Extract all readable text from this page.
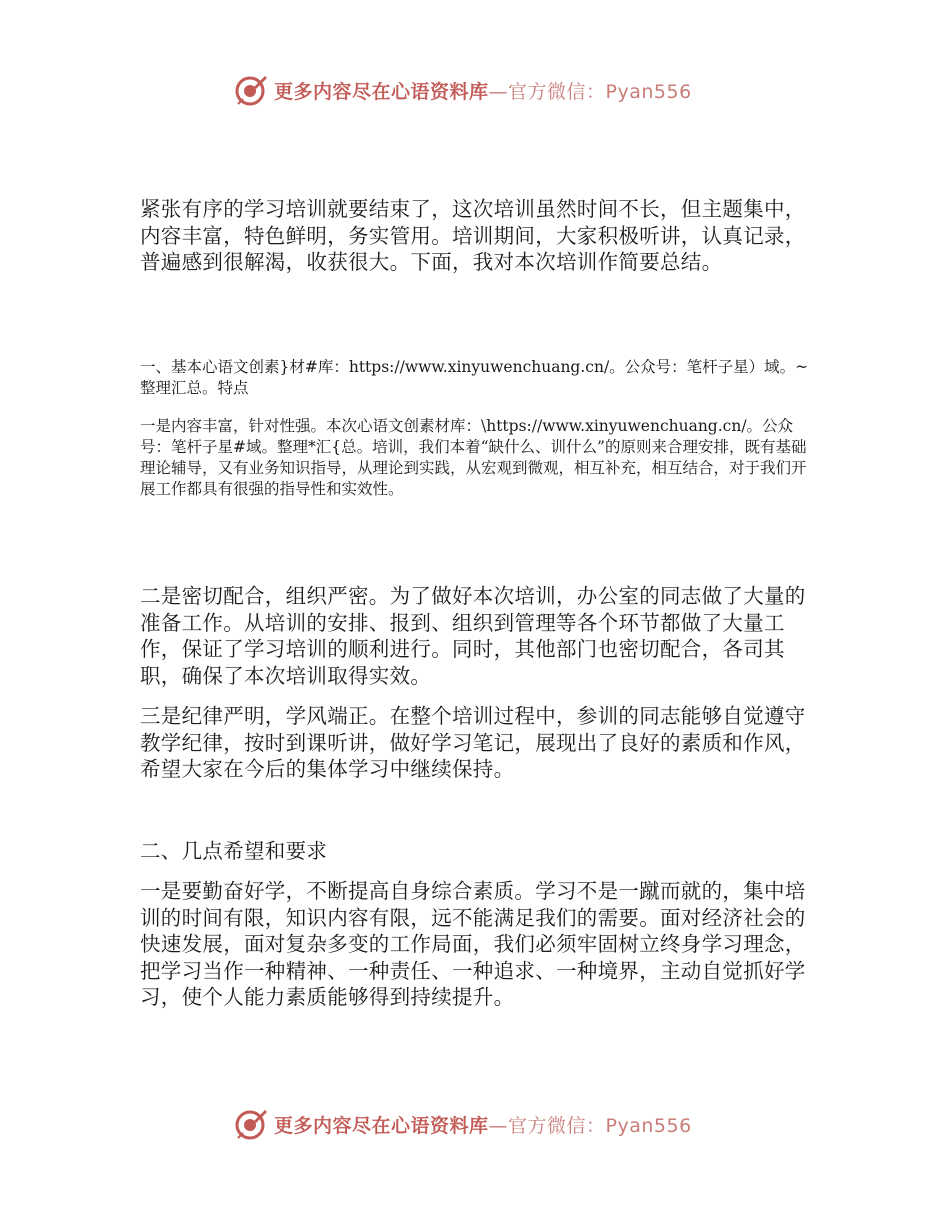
更多内容尽在心语资料库—官方微信：Pyan556

紧张有序的学习培训就要结束了，这次培训虽然时间不长，但主题集中，内容丰富，特色鲜明，务实管用。培训期间，大家积极听讲，认真记录，普遍感到很解渴，收获很大。下面，我对本次培训作简要总结。

一、基本心语文创素}材#库：https://www.xinyuwenchuang.cn/。公众号：笔杆子星）域。~整理汇总。特点

一是内容丰富，针对性强。本次心语文创素材库：\https://www.xinyuwenchuang.cn/。公众号：笔杆子星#域。整理*汇{总。培训，我们本着“缺什么、训什么”的原则来合理安排，既有基础理论辅导，又有业务知识指导，从理论到实践，从宏观到微观，相互补充，相互结合，对于我们开展工作都具有很强的指导性和实效性。

二是密切配合，组织严密。为了做好本次培训，办公室的同志做了大量的准备工作。从培训的安排、报到、组织到管理等各个环节都做了大量工作，保证了学习培训的顺利进行。同时，其他部门也密切配合，各司其职，确保了本次培训取得实效。

三是纪律严明，学风端正。在整个培训过程中，参训的同志能够自觉遵守教学纪律，按时到课听讲，做好学习笔记，展现出了良好的素质和作风，希望大家在今后的集体学习中继续保持。

二、几点希望和要求

一是要勤奋好学，不断提高自身综合素质。学习不是一蹴而就的，集中培训的时间有限，知识内容有限，远不能满足我们的需要。面对经济社会的快速发展，面对复杂多变的工作局面，我们必须牢固树立终身学习理念，把学习当作一种精神、一种责任、一种追求、一种境界，主动自觉抓好学习，使个人能力素质能够得到持续提升。

更多内容尽在心语资料库—官方微信：Pyan556
